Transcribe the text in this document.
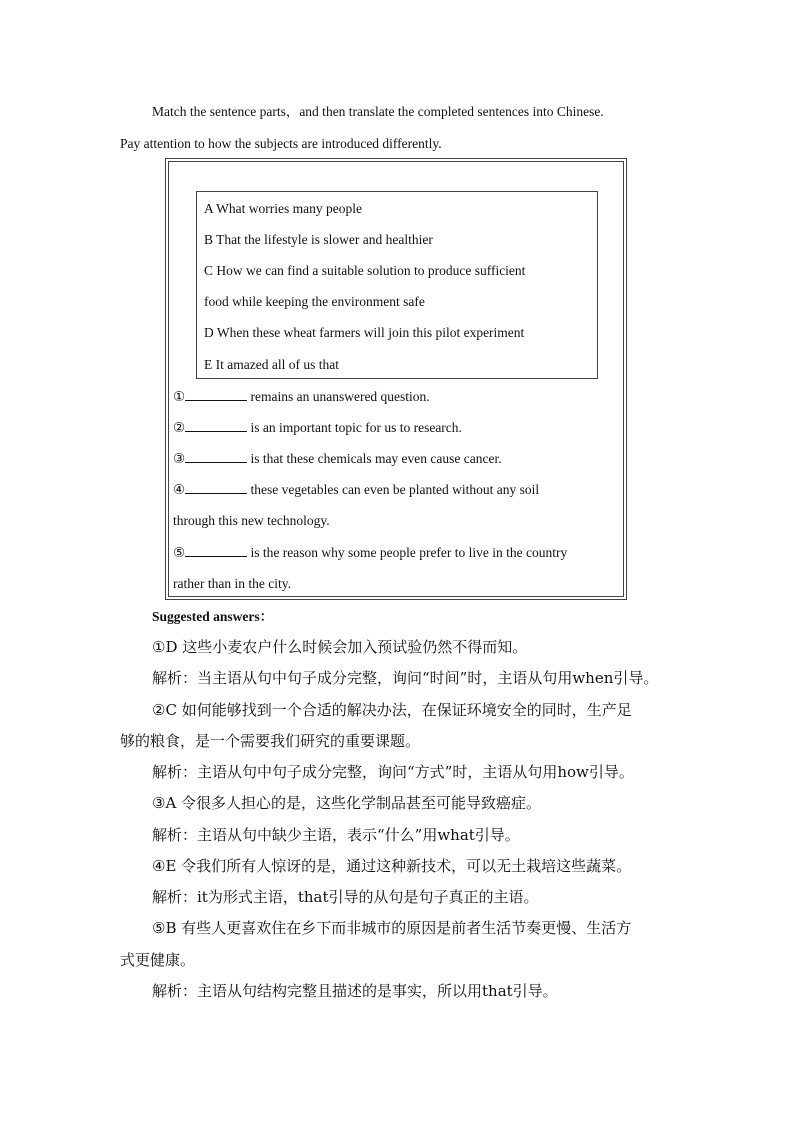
Match the sentence parts，and then translate the completed sentences into Chinese.
Pay attention to how the subjects are introduced differently.
A What worries many people
B That the lifestyle is slower and healthier
C How we can find a suitable solution to produce sufficient
food while keeping the environment safe
D When these wheat farmers will join this pilot experiment
E It amazed all of us that
①	remains an unanswered question.
②	is an important topic for us to research.
③	is that these chemicals may even cause cancer.
④	these vegetables can even be planted without any soil
through this new technology.
⑤	is the reason why some people prefer to live in the country
rather than in the city.
Suggested answers：
①D 这些小麦农户什么时候会加入预试验仍然不得而知。
解析：当主语从句中句子成分完整，询问“时间”时，主语从句用when引导。
②C 如何能够找到一个合适的解决办法，在保证环境安全的同时，生产足
够的粮食，是一个需要我们研究的重要课题。
解析：主语从句中句子成分完整，询问“方式”时，主语从句用how引导。
③A 令很多人担心的是，这些化学制品甚至可能导致癌症。
解析：主语从句中缺少主语，表示“什么”用what引导。
④E 令我们所有人惊讶的是，通过这种新技术，可以无土栽培这些蔬菜。
解析：it为形式主语，that引导的从句是句子真正的主语。
⑤B 有些人更喜欢住在乡下而非城市的原因是前者生活节奏更慢、生活方
式更健康。
解析：主语从句结构完整且描述的是事实，所以用that引导。
